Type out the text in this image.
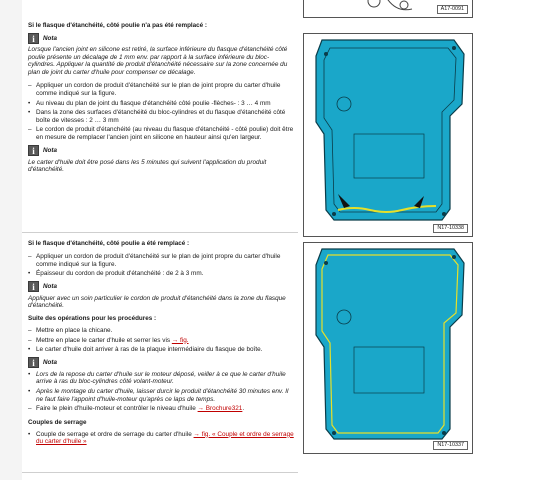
Si le flasque d'étanchéité, côté poulie n'a pas été remplacé :

i	Nota

Lorsque l'ancien joint en silicone est retiré, la surface inférieure du flasque d'étanchéité côté poulie présente un décalage de 1 mm env. par rapport à la surface inférieure du bloc-cylindres. Appliquer la quantité de produit d'étanchéité nécessaire sur la zone concernée du plan de joint du carter d'huile pour compenser ce décalage.

– Appliquer un cordon de produit d'étanchéité sur le plan de joint propre du carter d'huile comme indiqué sur la figure.
• Au niveau du plan de joint du flasque d'étanchéité côté poulie -flèches- : 3 … 4 mm
• Dans la zone des surfaces d'étanchéité du bloc-cylindres et du flasque d'étanchéité côté boîte de vitesses : 2 … 3 mm
– Le cordon de produit d'étanchéité (au niveau du flasque d'étanchéité - côté poulie) doit être en mesure de remplacer l'ancien joint en silicone en hauteur ainsi qu'en largeur.
i	Nota

Le carter d'huile doit être posé dans les 5 minutes qui suivent l'application du produit d'étanchéité.

Si le flasque d'étanchéité, côté poulie a été remplacé :

– Appliquer un cordon de produit d'étanchéité sur le plan de joint propre du carter d'huile comme indiqué sur la figure.
• Épaisseur du cordon de produit d'étanchéité : de 2 à 3 mm.
i	Nota

Appliquer avec un soin particulier le cordon de produit d'étanchéité dans la zone du flasque d'étanchéité.

Suite des opérations pour les procédures :

– Mettre en place la chicane.
– Mettre en place le carter d'huile et serrer les vis → fig.
• Le carter d'huile doit arriver à ras de la plaque intermédiaire du flasque de boîte.
i	Nota
• Lors de la repose du carter d'huile sur le moteur déposé, veiller à ce que le carter d'huile arrive à ras du bloc-cylindres côté volant-moteur.
• Après le montage du carter d'huile, laisser durcir le produit d'étanchéité 30 minutes env. Il ne faut faire l'appoint d'huile-moteur qu'après ce laps de temps.
– Faire le plein d'huile-moteur et contrôler le niveau d'huile → Brochure321.

Couples de serrage

• Couple de serrage et ordre de serrage du carter d'huile → fig. « Couple et ordre de serrage du carter d'huile »
A17-0091
N17-10338
N17-10337
